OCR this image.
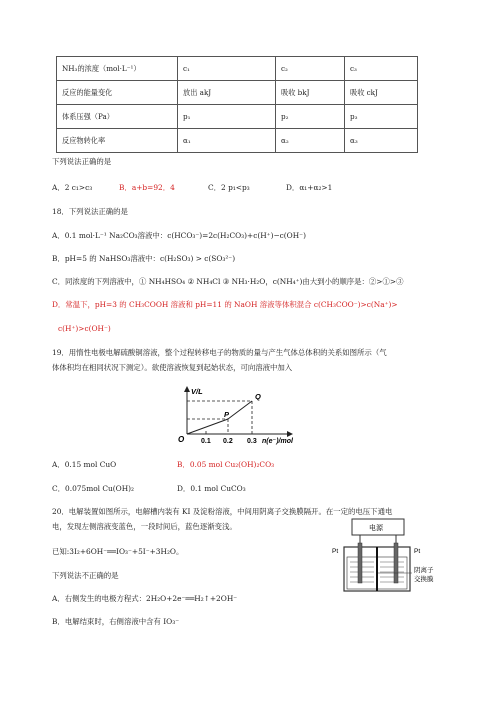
NH₃的浓度（mol·L⁻¹）	c₁	c₂	c₃
反应的能量变化	放出 akJ	吸收 bkJ	吸收 ckJ
体系压强（Pa）	p₁	p₂	p₃
反应物转化率	α₁	α₂	α₃
下列说法正确的是
A．2 c₁>c₃	B．a+b=92．4	C．2 p₁<p₃	D．α₁+α₂>1
18．下列说法正确的是
A．0.1 mol·L⁻¹ Na₂CO₃溶液中：c(HCO₃⁻)=2c(H₂CO₃)+c(H⁺)−c(OH⁻)
B．pH=5 的 NaHSO₃溶液中：c(H₂SO₃) > c(SO₃²⁻)
C．同浓度的下列溶液中，① NH₄HSO₄ ② NH₄Cl ③ NH₃·H₂O，c(NH₄⁺)由大到小的顺序是：②>①>③
D．常温下，pH=3 的 CH₃COOH 溶液和 pH=11 的 NaOH 溶液等体积混合 c(CH₃COO⁻)>c(Na⁺)>
c(H⁺)>c(OH⁻)
19．用惰性电极电解硫酸铜溶液，整个过程转移电子的物质的量与产生气体总体积的关系如图所示（气
体体积均在相同状况下测定）。欲使溶液恢复到起始状态，可向溶液中加入
V/L
O 0.1 0.2 0.3 n(e⁻)/mol
P
Q
A．0.15 mol CuO	B．0.05 mol Cu₂(OH)₂CO₃
C．0.075mol Cu(OH)₂	D．0.1 mol CuCO₃
20．电解装置如图所示，电解槽内装有 KI 及淀粉溶液，中间用阴离子交换膜隔开。在一定的电压下通电
电，发现左侧溶液变蓝色，一段时间后，蓝色逐渐变浅。
已知:3I₂+6OH⁻══IO₃⁻+5I⁻+3H₂O。
下列说法不正确的是
A．右侧发生的电极方程式：2H₂O+2e⁻══H₂↑+2OH⁻
B．电解结束时，右侧溶液中含有 IO₃⁻
电源
Pt	Pt
阴离子
交换膜
